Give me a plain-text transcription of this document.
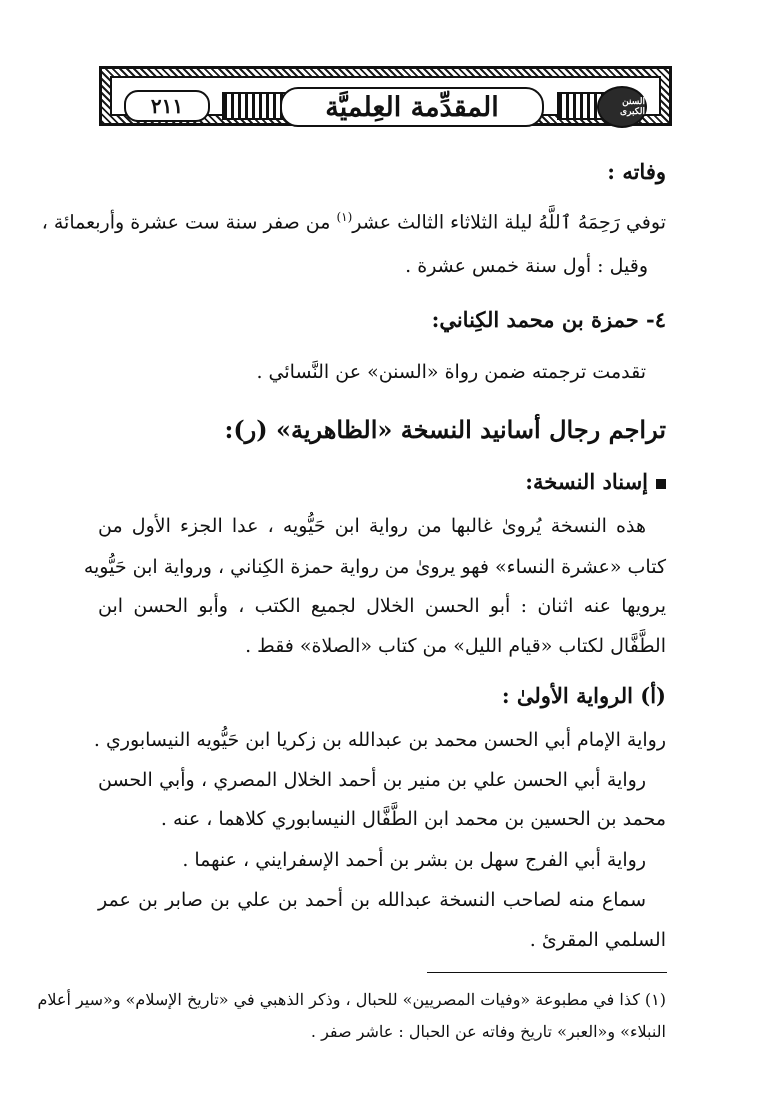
٢١١	المقدِّمة العِلميَّة	السنن الكبرى
وفاته :
توفي رَحِمَهُ ٱللَّهُ ليلة الثلاثاء الثالث عشر$^{(١)}$ من صفر سنة ست عشرة وأربعمائة ،
وقيل : أول سنة خمس عشرة .
٤- حمزة بن محمد الكِناني:
تقدمت ترجمته ضمن رواة «السنن» عن النَّسائي .
تراجم رجال أسانيد النسخة «الظاهرية» (ر):
إسناد النسخة:
هذه النسخة يُروىٰ غالبها من رواية ابن حَيُّويه ، عدا الجزء الأول من
كتاب «عشرة النساء» فهو يروىٰ من رواية حمزة الكِناني ، ورواية ابن حَيُّويه
يرويها عنه اثنان : أبو الحسن الخلال لجميع الكتب ، وأبو الحسن ابن
الطَّفَّال لكتاب «قيام الليل» من كتاب «الصلاة» فقط .
(أ) الرواية الأولىٰ :
رواية الإمام أبي الحسن محمد بن عبدالله بن زكريا ابن حَيُّويه النيسابوري .
رواية أبي الحسن علي بن منير بن أحمد الخلال المصري ، وأبي الحسن
محمد بن الحسين بن محمد ابن الطَّفَّال النيسابوري كلاهما ، عنه .
رواية أبي الفرج سهل بن بشر بن أحمد الإسفرايني ، عنهما .
سماع منه لصاحب النسخة عبدالله بن أحمد بن علي بن صابر بن عمر
السلمي المقرئ .
(١) كذا في مطبوعة «وفيات المصريين» للحبال ، وذكر الذهبي في «تاريخ الإسلام» و«سير أعلام
النبلاء» و«العبر» تاريخ وفاته عن الحبال : عاشر صفر .
